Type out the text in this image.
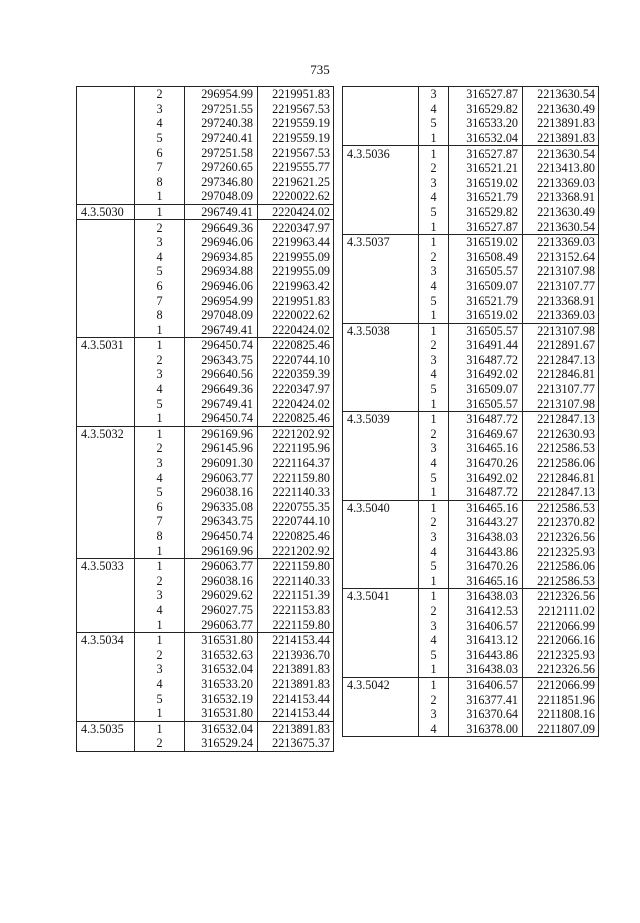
735
	2	296954.99	2219951.83
	3	297251.55	2219567.53
	4	297240.38	2219559.19
	5	297240.41	2219559.19
	6	297251.58	2219567.53
	7	297260.65	2219555.77
	8	297346.80	2219621.25
	1	297048.09	2220022.62
4.3.5030	1	296749.41	2220424.02
	2	296649.36	2220347.97
	3	296946.06	2219963.44
	4	296934.85	2219955.09
	5	296934.88	2219955.09
	6	296946.06	2219963.42
	7	296954.99	2219951.83
	8	297048.09	2220022.62
	1	296749.41	2220424.02
4.3.5031	1	296450.74	2220825.46
	2	296343.75	2220744.10
	3	296640.56	2220359.39
	4	296649.36	2220347.97
	5	296749.41	2220424.02
	1	296450.74	2220825.46
4.3.5032	1	296169.96	2221202.92
	2	296145.96	2221195.96
	3	296091.30	2221164.37
	4	296063.77	2221159.80
	5	296038.16	2221140.33
	6	296335.08	2220755.35
	7	296343.75	2220744.10
	8	296450.74	2220825.46
	1	296169.96	2221202.92
4.3.5033	1	296063.77	2221159.80
	2	296038.16	2221140.33
	3	296029.62	2221151.39
	4	296027.75	2221153.83
	1	296063.77	2221159.80
4.3.5034	1	316531.80	2214153.44
	2	316532.63	2213936.70
	3	316532.04	2213891.83
	4	316533.20	2213891.83
	5	316532.19	2214153.44
	1	316531.80	2214153.44
4.3.5035	1	316532.04	2213891.83
	2	316529.24	2213675.37
	3	316527.87	2213630.54
	4	316529.82	2213630.49
	5	316533.20	2213891.83
	1	316532.04	2213891.83
4.3.5036	1	316527.87	2213630.54
	2	316521.21	2213413.80
	3	316519.02	2213369.03
	4	316521.79	2213368.91
	5	316529.82	2213630.49
	1	316527.87	2213630.54
4.3.5037	1	316519.02	2213369.03
	2	316508.49	2213152.64
	3	316505.57	2213107.98
	4	316509.07	2213107.77
	5	316521.79	2213368.91
	1	316519.02	2213369.03
4.3.5038	1	316505.57	2213107.98
	2	316491.44	2212891.67
	3	316487.72	2212847.13
	4	316492.02	2212846.81
	5	316509.07	2213107.77
	1	316505.57	2213107.98
4.3.5039	1	316487.72	2212847.13
	2	316469.67	2212630.93
	3	316465.16	2212586.53
	4	316470.26	2212586.06
	5	316492.02	2212846.81
	1	316487.72	2212847.13
4.3.5040	1	316465.16	2212586.53
	2	316443.27	2212370.82
	3	316438.03	2212326.56
	4	316443.86	2212325.93
	5	316470.26	2212586.06
	1	316465.16	2212586.53
4.3.5041	1	316438.03	2212326.56
	2	316412.53	2212111.02
	3	316406.57	2212066.99
	4	316413.12	2212066.16
	5	316443.86	2212325.93
	1	316438.03	2212326.56
4.3.5042	1	316406.57	2212066.99
	2	316377.41	2211851.96
	3	316370.64	2211808.16
	4	316378.00	2211807.09
